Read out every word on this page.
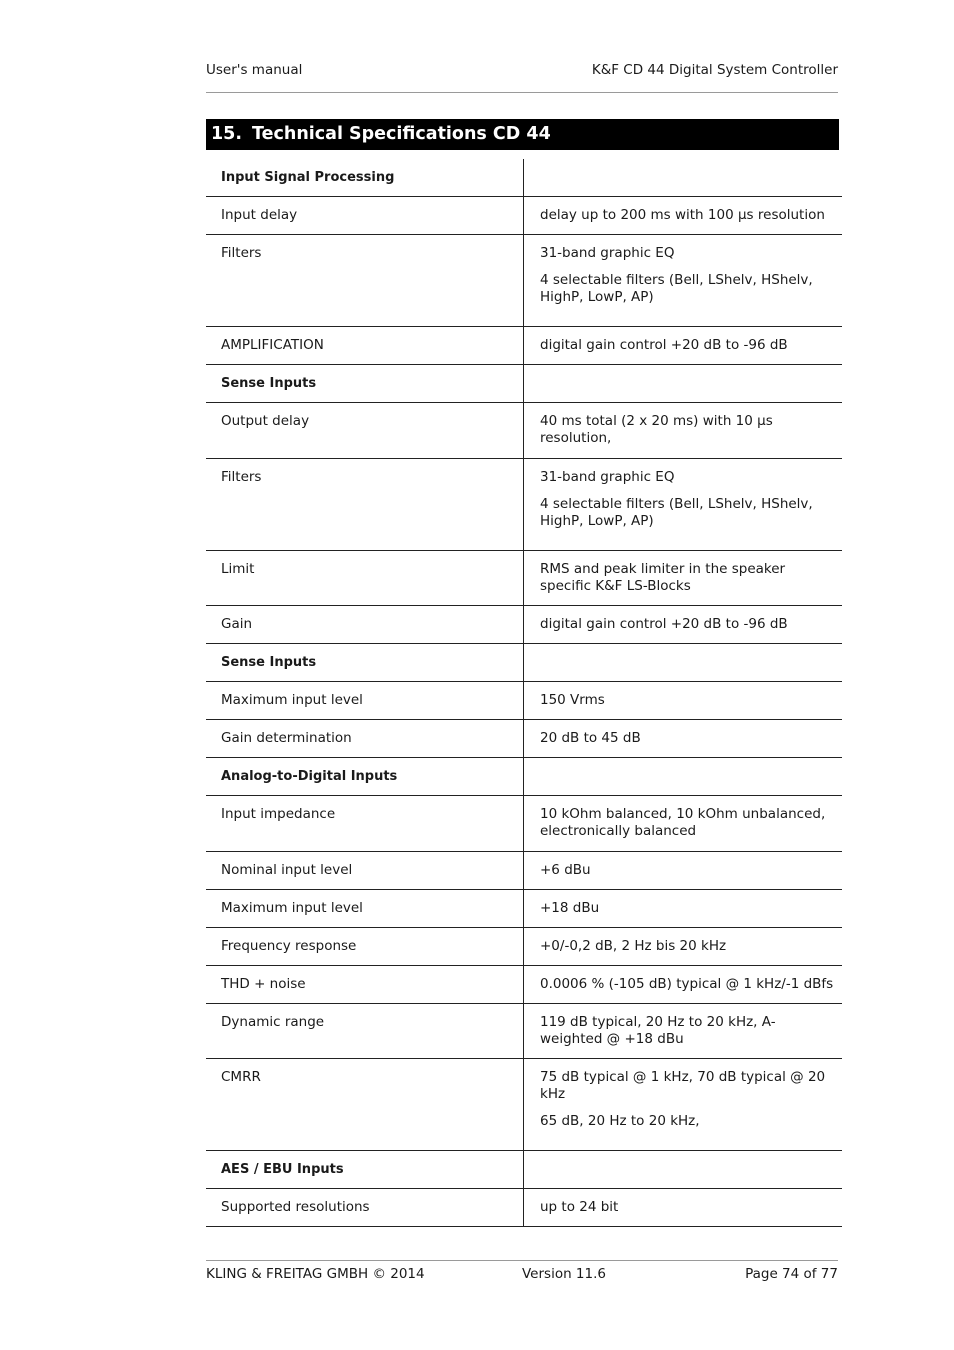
User's manual	K&F CD 44 Digital System Controller
15. Technical Specifications CD 44
Input Signal Processing
Input delay	delay up to 200 ms with 100 µs resolution
Filters	31-band graphic EQ
4 selectable filters (Bell, LShelv, HShelv, HighP, LowP, AP)
AMPLIFICATION	digital gain control +20 dB to -96 dB
Sense Inputs
Output delay	40 ms total (2 x 20 ms) with 10 µs resolution,
Filters	31-band graphic EQ
4 selectable filters (Bell, LShelv, HShelv, HighP, LowP, AP)
Limit	RMS and peak limiter in the speaker specific K&F LS-Blocks
Gain	digital gain control +20 dB to -96 dB
Sense Inputs
Maximum input level	150 Vrms
Gain determination	20 dB to 45 dB
Analog-to-Digital Inputs
Input impedance	10 kOhm balanced, 10 kOhm unbalanced, electronically balanced
Nominal input level	+6 dBu
Maximum input level	+18 dBu
Frequency response	+0/-0,2 dB, 2 Hz bis 20 kHz
THD + noise	0.0006 % (-105 dB) typical @ 1 kHz/-1 dBfs
Dynamic range	119 dB typical, 20 Hz to 20 kHz, A-weighted @ +18 dBu
CMRR	75 dB typical @ 1 kHz, 70 dB typical @ 20 kHz
65 dB, 20 Hz to 20 kHz,
AES / EBU Inputs
Supported resolutions	up to 24 bit
KLING & FREITAG GMBH © 2014	Version 11.6	Page 74 of 77
